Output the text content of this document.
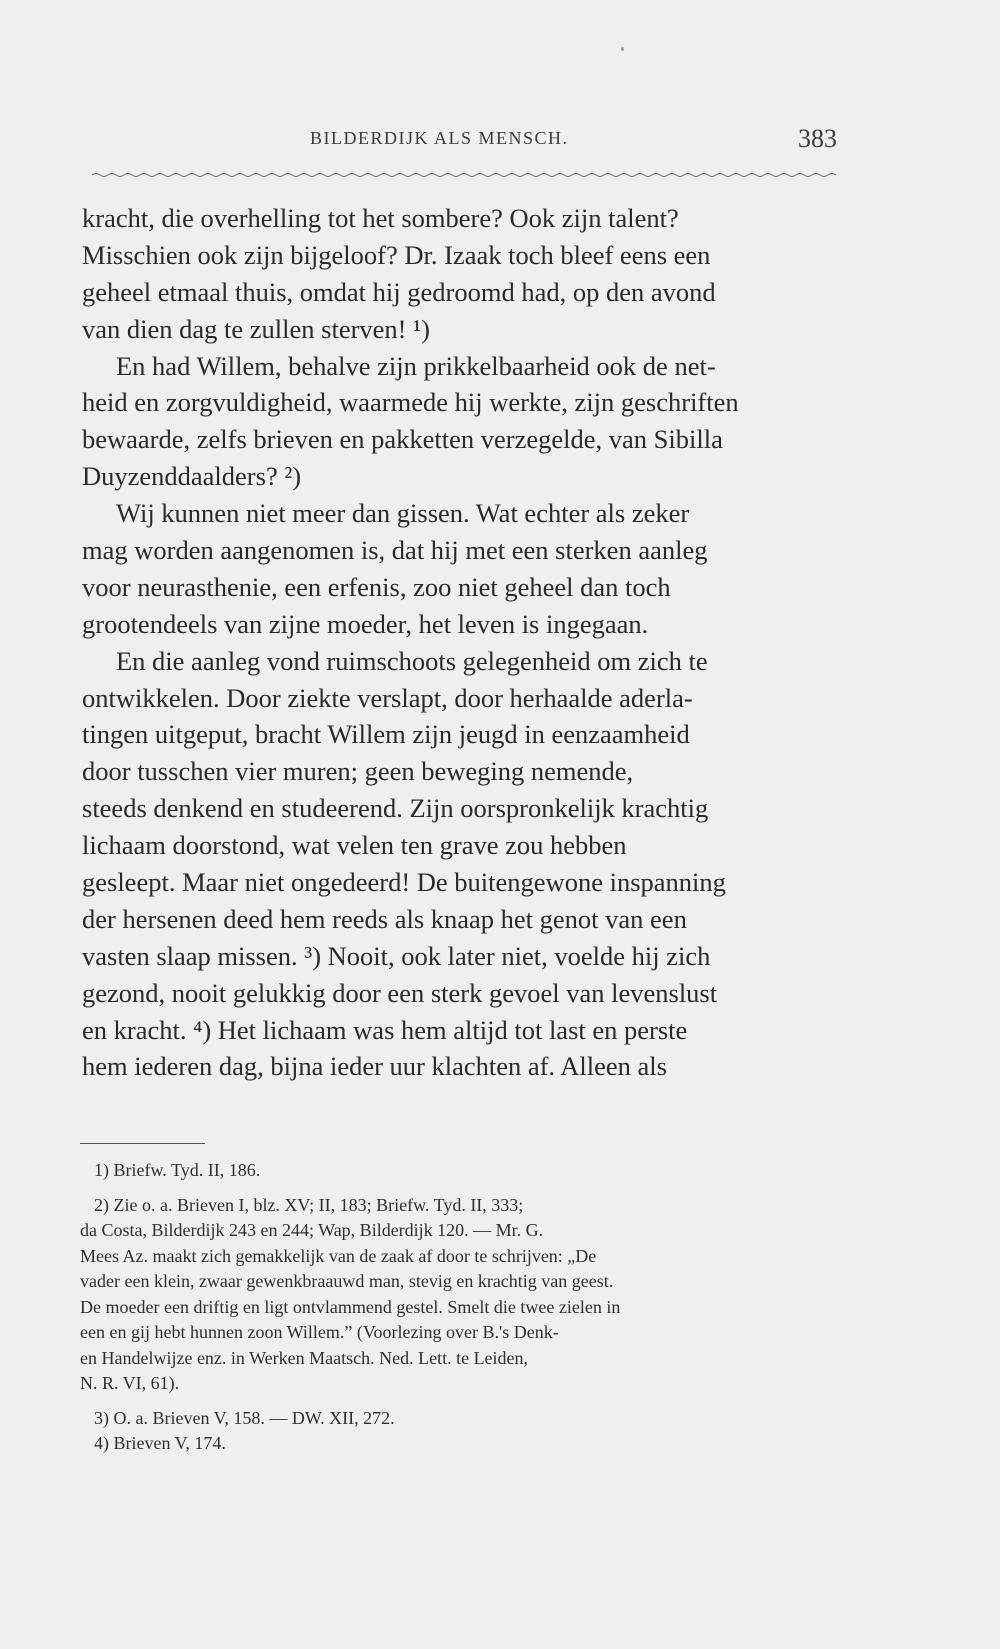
BILDERDIJK ALS MENSCH.	383
kracht, die overhelling tot het sombere? Ook zijn talent?
Misschien ook zijn bijgeloof? Dr. Izaak toch bleef eens een
geheel etmaal thuis, omdat hij gedroomd had, op den avond
van dien dag te zullen sterven! ¹)
En had Willem, behalve zijn prikkelbaarheid ook de net-
heid en zorgvuldigheid, waarmede hij werkte, zijn geschriften
bewaarde, zelfs brieven en pakketten verzegelde, van Sibilla
Duyzenddaalders? ²)
Wij kunnen niet meer dan gissen. Wat echter als zeker
mag worden aangenomen is, dat hij met een sterken aanleg
voor neurasthenie, een erfenis, zoo niet geheel dan toch
grootendeels van zijne moeder, het leven is ingegaan.
En die aanleg vond ruimschoots gelegenheid om zich te
ontwikkelen. Door ziekte verslapt, door herhaalde aderla-
tingen uitgeput, bracht Willem zijn jeugd in eenzaamheid
door tusschen vier muren; geen beweging nemende,
steeds denkend en studeerend. Zijn oorspronkelijk krachtig
lichaam doorstond, wat velen ten grave zou hebben
gesleept. Maar niet ongedeerd! De buitengewone inspanning
der hersenen deed hem reeds als knaap het genot van een
vasten slaap missen. ³) Nooit, ook later niet, voelde hij zich
gezond, nooit gelukkig door een sterk gevoel van levenslust
en kracht. ⁴) Het lichaam was hem altijd tot last en perste
hem iederen dag, bijna ieder uur klachten af. Alleen als
1) Briefw. Tyd. II, 186.
2) Zie o. a. Brieven I, blz. XV; II, 183; Briefw. Tyd. II, 333;
da Costa, Bilderdijk 243 en 244; Wap, Bilderdijk 120. — Mr. G.
Mees Az. maakt zich gemakkelijk van de zaak af door te schrijven: „De
vader een klein, zwaar gewenkbraauwd man, stevig en krachtig van geest.
De moeder een driftig en ligt ontvlammend gestel. Smelt die twee zielen in
een en gij hebt hunnen zoon Willem.” (Voorlezing over B.'s Denk-
en Handelwijze enz. in Werken Maatsch. Ned. Lett. te Leiden,
N. R. VI, 61).
3) O. a. Brieven V, 158. — DW. XII, 272.
4) Brieven V, 174.
